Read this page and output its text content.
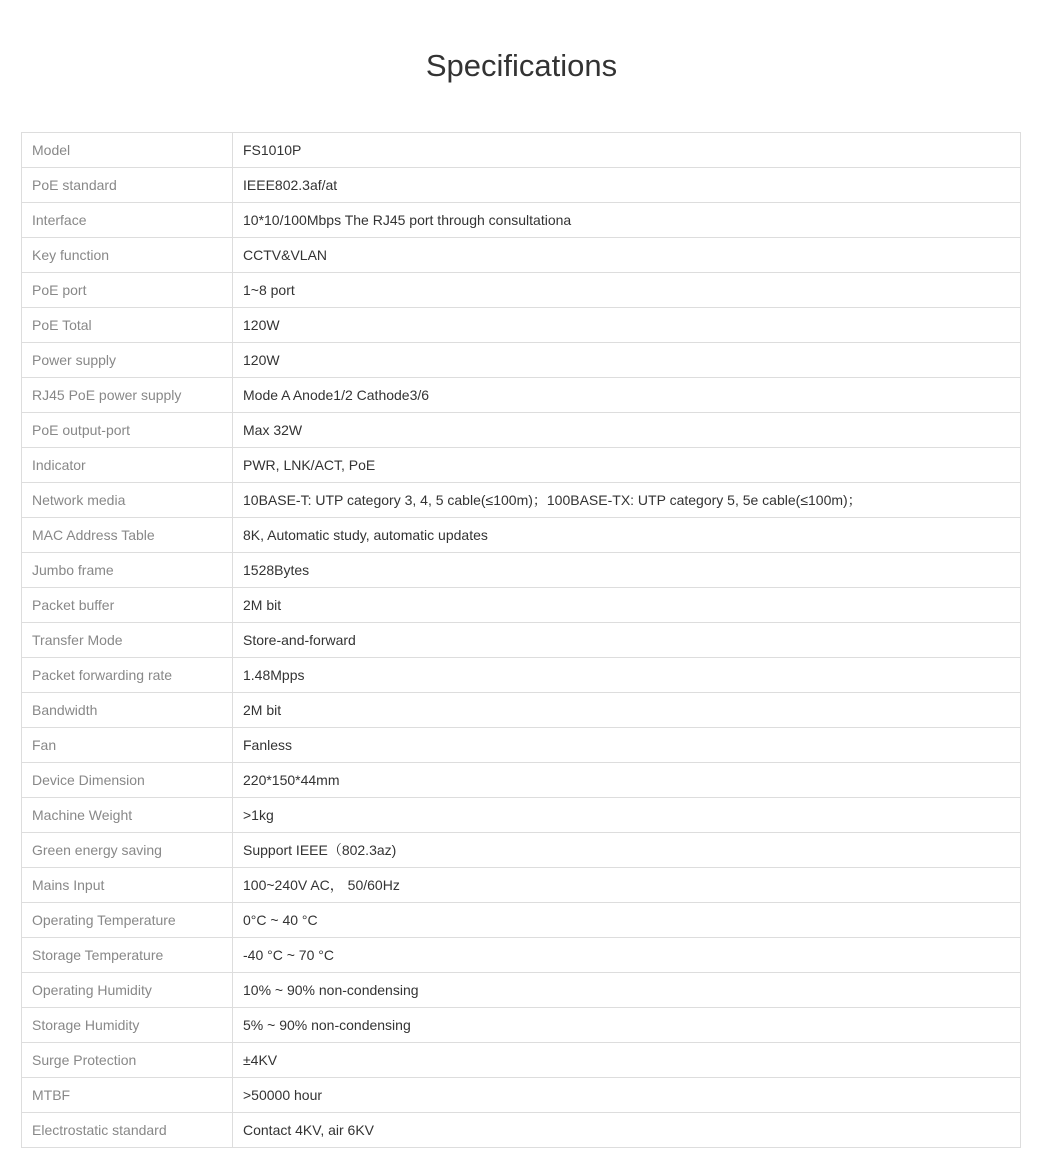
Specifications
Model	FS1010P
PoE standard	IEEE802.3af/at
Interface	10*10/100Mbps The RJ45 port through consultationa
Key function	CCTV&VLAN
PoE port	1~8 port
PoE Total	120W
Power supply	120W
RJ45 PoE power supply	Mode A Anode1/2 Cathode3/6
PoE output-port	Max 32W
Indicator	PWR, LNK/ACT, PoE
Network media	10BASE-T: UTP category 3, 4, 5 cable(≤100m)；100BASE-TX: UTP category 5, 5e cable(≤100m)；
MAC Address Table	8K, Automatic study, automatic updates
Jumbo frame	1528Bytes
Packet buffer	2M bit
Transfer Mode	Store-and-forward
Packet forwarding rate	1.48Mpps
Bandwidth	2M bit
Fan	Fanless
Device Dimension	220*150*44mm
Machine Weight	>1kg
Green energy saving	Support IEEE（802.3az)
Mains Input	100~240V AC， 50/60Hz
Operating Temperature	0°C ~ 40 °C
Storage Temperature	-40 °C ~ 70 °C
Operating Humidity	10% ~ 90% non-condensing
Storage Humidity	5% ~ 90% non-condensing
Surge Protection	±4KV
MTBF	>50000 hour
Electrostatic standard	Contact 4KV, air 6KV
